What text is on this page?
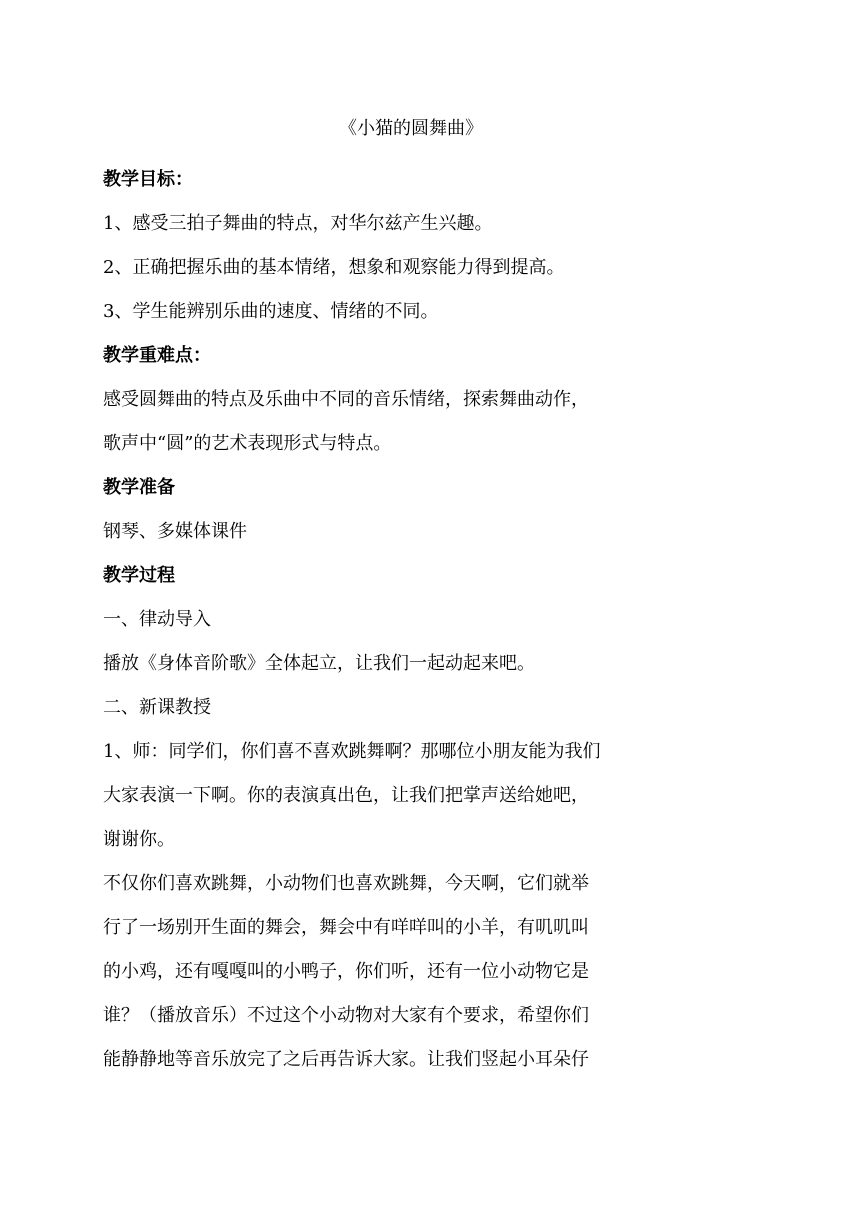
《小猫的圆舞曲》
教学目标：
1、感受三拍子舞曲的特点，对华尔兹产生兴趣。
2、正确把握乐曲的基本情绪，想象和观察能力得到提高。
3、学生能辨别乐曲的速度、情绪的不同。
教学重难点：
感受圆舞曲的特点及乐曲中不同的音乐情绪，探索舞曲动作，
歌声中“圆”的艺术表现形式与特点。
教学准备
钢琴、多媒体课件
教学过程
一、律动导入
播放《身体音阶歌》全体起立，让我们一起动起来吧。
二、新课教授
1、师：同学们，你们喜不喜欢跳舞啊？那哪位小朋友能为我们
大家表演一下啊。你的表演真出色，让我们把掌声送给她吧，
谢谢你。
不仅你们喜欢跳舞，小动物们也喜欢跳舞，今天啊，它们就举
行了一场别开生面的舞会，舞会中有咩咩叫的小羊，有叽叽叫
的小鸡，还有嘎嘎叫的小鸭子，你们听，还有一位小动物它是
谁？（播放音乐）不过这个小动物对大家有个要求，希望你们
能静静地等音乐放完了之后再告诉大家。让我们竖起小耳朵仔
